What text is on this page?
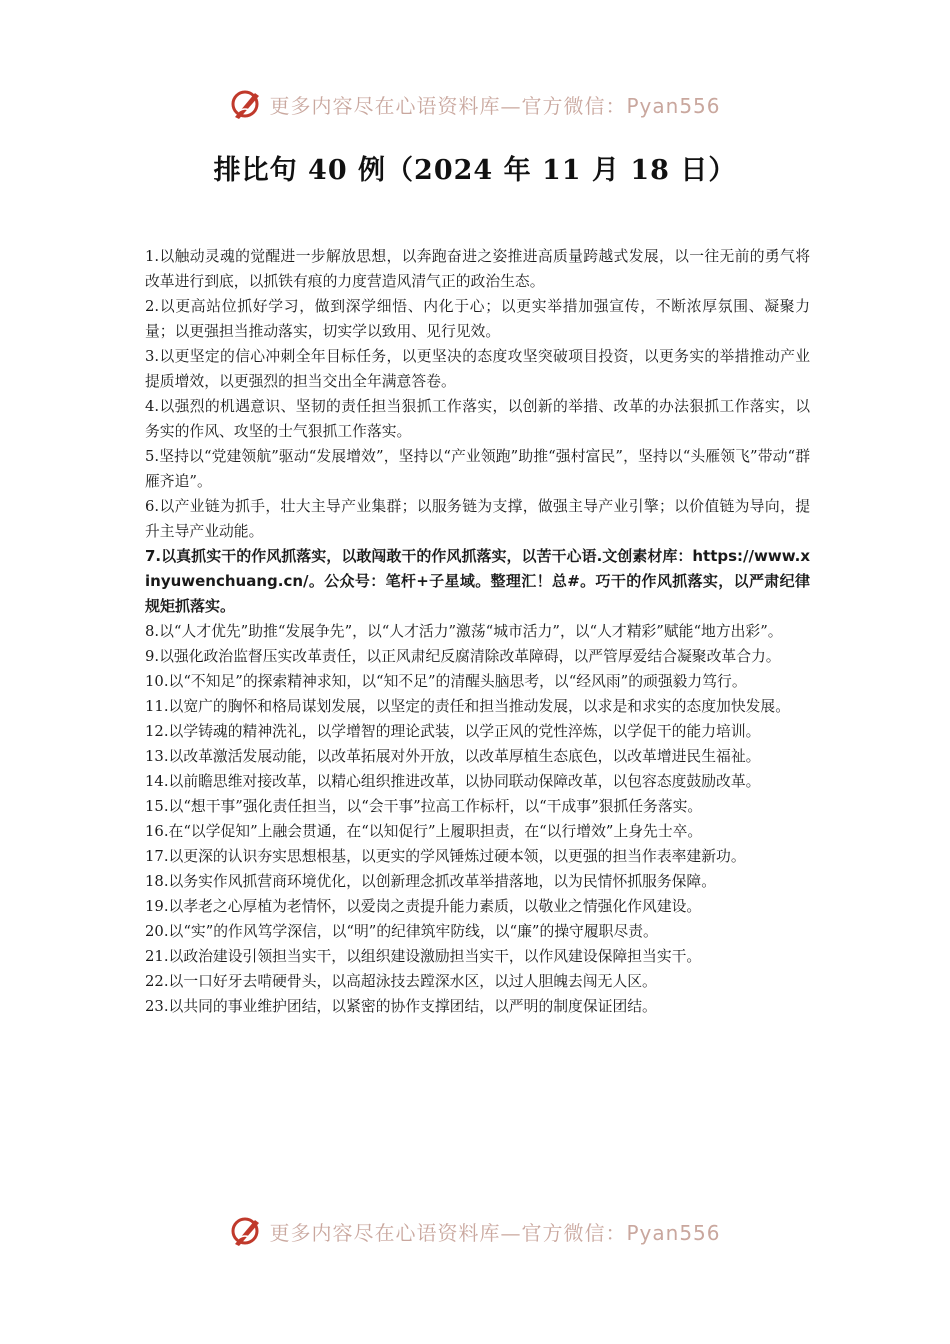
更多内容尽在心语资料库—官方微信：Pyan556
排比句 40 例（2024 年 11 月 18 日）

1.以触动灵魂的觉醒进一步解放思想，以奔跑奋进之姿推进高质量跨越式发展，以一往无前的勇气将改革进行到底，以抓铁有痕的力度营造风清气正的政治生态。

2.以更高站位抓好学习，做到深学细悟、内化于心；以更实举措加强宣传，不断浓厚氛围、凝聚力量；以更强担当推动落实，切实学以致用、见行见效。

3.以更坚定的信心冲刺全年目标任务，以更坚决的态度攻坚突破项目投资，以更务实的举措推动产业提质增效，以更强烈的担当交出全年满意答卷。

4.以强烈的机遇意识、坚韧的责任担当狠抓工作落实，以创新的举措、改革的办法狠抓工作落实，以务实的作风、攻坚的士气狠抓工作落实。

5.坚持以“党建领航”驱动“发展增效”，坚持以“产业领跑”助推“强村富民”，坚持以“头雁领飞”带动“群雁齐追”。

6.以产业链为抓手，壮大主导产业集群；以服务链为支撑，做强主导产业引擎；以价值链为导向，提升主导产业动能。

7.以真抓实干的作风抓落实，以敢闯敢干的作风抓落实，以苦干心语.文创素材库：https://www.xinyuwenchuang.cn/。公众号：笔杆+子星域。整理汇！总#。巧干的作风抓落实，以严肃纪律规矩抓落实。

8.以“人才优先”助推“发展争先”，以“人才活力”激荡“城市活力”，以“人才精彩”赋能“地方出彩”。

9.以强化政治监督压实改革责任，以正风肃纪反腐清除改革障碍，以严管厚爱结合凝聚改革合力。

10.以“不知足”的探索精神求知，以“知不足”的清醒头脑思考，以“经风雨”的顽强毅力笃行。

11.以宽广的胸怀和格局谋划发展，以坚定的责任和担当推动发展，以求是和求实的态度加快发展。

12.以学铸魂的精神洗礼，以学增智的理论武装，以学正风的党性淬炼，以学促干的能力培训。

13.以改革激活发展动能，以改革拓展对外开放，以改革厚植生态底色，以改革增进民生福祉。

14.以前瞻思维对接改革，以精心组织推进改革，以协同联动保障改革，以包容态度鼓励改革。

15.以“想干事”强化责任担当，以“会干事”拉高工作标杆，以“干成事”狠抓任务落实。

16.在“以学促知”上融会贯通，在“以知促行”上履职担责，在“以行增效”上身先士卒。

17.以更深的认识夯实思想根基，以更实的学风锤炼过硬本领，以更强的担当作表率建新功。

18.以务实作风抓营商环境优化，以创新理念抓改革举措落地，以为民情怀抓服务保障。

19.以孝老之心厚植为老情怀，以爱岗之责提升能力素质，以敬业之情强化作风建设。

20.以“实”的作风笃学深信，以“明”的纪律筑牢防线，以“廉”的操守履职尽责。

21.以政治建设引领担当实干，以组织建设激励担当实干，以作风建设保障担当实干。

22.以一口好牙去啃硬骨头，以高超泳技去蹚深水区，以过人胆魄去闯无人区。

23.以共同的事业维护团结，以紧密的协作支撑团结，以严明的制度保证团结。

更多内容尽在心语资料库—官方微信：Pyan556
